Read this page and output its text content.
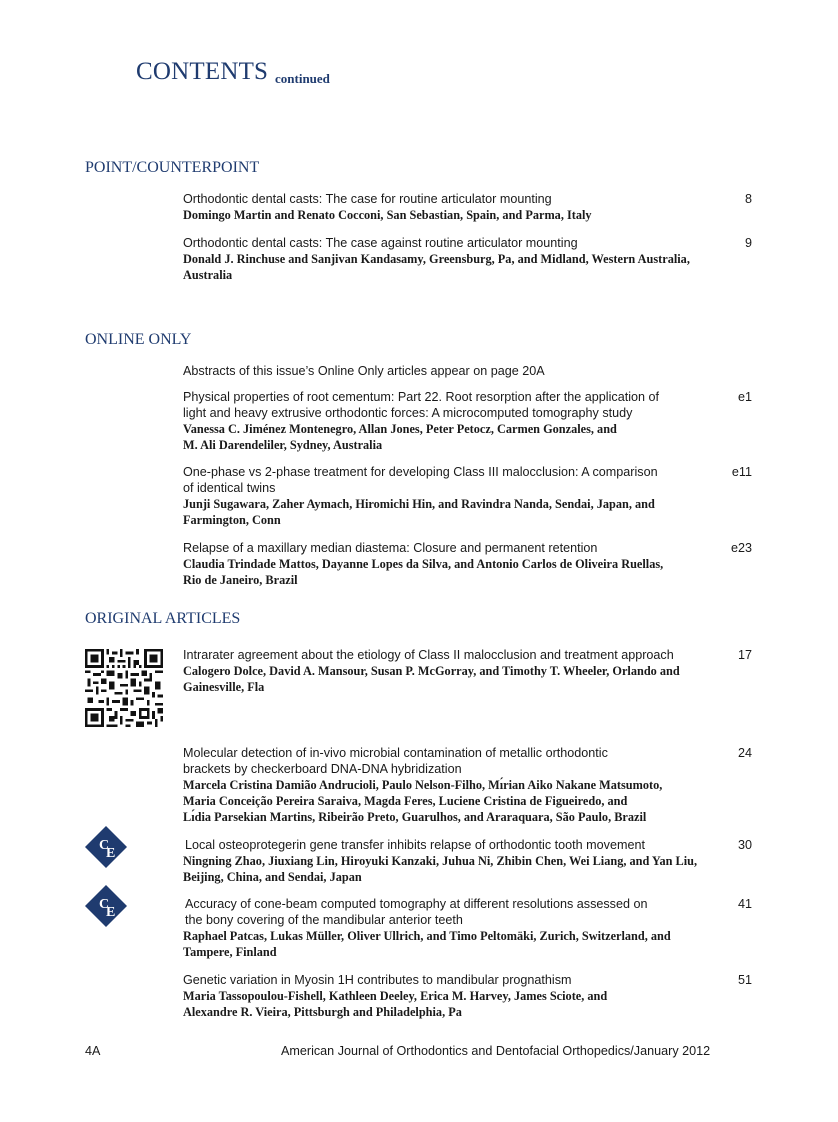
CONTENTS continued
POINT/COUNTERPOINT
Orthodontic dental casts: The case for routine articulator mounting
Domingo Martin and Renato Cocconi, San Sebastian, Spain, and Parma, Italy
8
Orthodontic dental casts: The case against routine articulator mounting
Donald J. Rinchuse and Sanjivan Kandasamy, Greensburg, Pa, and Midland, Western Australia,
Australia
9
ONLINE ONLY
Abstracts of this issue’s Online Only articles appear on page 20A
Physical properties of root cementum: Part 22. Root resorption after the application of
light and heavy extrusive orthodontic forces: A microcomputed tomography study
Vanessa C. Jiménez Montenegro, Allan Jones, Peter Petocz, Carmen Gonzales, and
M. Ali Darendeliler, Sydney, Australia
e1
One-phase vs 2-phase treatment for developing Class III malocclusion: A comparison
of identical twins
Junji Sugawara, Zaher Aymach, Hiromichi Hin, and Ravindra Nanda, Sendai, Japan, and
Farmington, Conn
e11
Relapse of a maxillary median diastema: Closure and permanent retention
Claudia Trindade Mattos, Dayanne Lopes da Silva, and Antonio Carlos de Oliveira Ruellas,
Rio de Janeiro, Brazil
e23
ORIGINAL ARTICLES
Intrarater agreement about the etiology of Class II malocclusion and treatment approach
Calogero Dolce, David A. Mansour, Susan P. McGorray, and Timothy T. Wheeler, Orlando and
Gainesville, Fla
17
Molecular detection of in-vivo microbial contamination of metallic orthodontic
brackets by checkerboard DNA-DNA hybridization
Marcela Cristina Damião Andrucioli, Paulo Nelson-Filho, Mı́rian Aiko Nakane Matsumoto,
Maria Conceição Pereira Saraiva, Magda Feres, Luciene Cristina de Figueiredo, and
Lı́dia Parsekian Martins, Ribeirão Preto, Guarulhos, and Araraquara, São Paulo, Brazil
24
C
E
Local osteoprotegerin gene transfer inhibits relapse of orthodontic tooth movement
Ningning Zhao, Jiuxiang Lin, Hiroyuki Kanzaki, Juhua Ni, Zhibin Chen, Wei Liang, and Yan Liu,
Beijing, China, and Sendai, Japan
30
C
E
Accuracy of cone-beam computed tomography at different resolutions assessed on
the bony covering of the mandibular anterior teeth
Raphael Patcas, Lukas Müller, Oliver Ullrich, and Timo Peltomäki, Zurich, Switzerland, and
Tampere, Finland
41
Genetic variation in Myosin 1H contributes to mandibular prognathism
Maria Tassopoulou-Fishell, Kathleen Deeley, Erica M. Harvey, James Sciote, and
Alexandre R. Vieira, Pittsburgh and Philadelphia, Pa
51
4A	American Journal of Orthodontics and Dentofacial Orthopedics/January 2012
